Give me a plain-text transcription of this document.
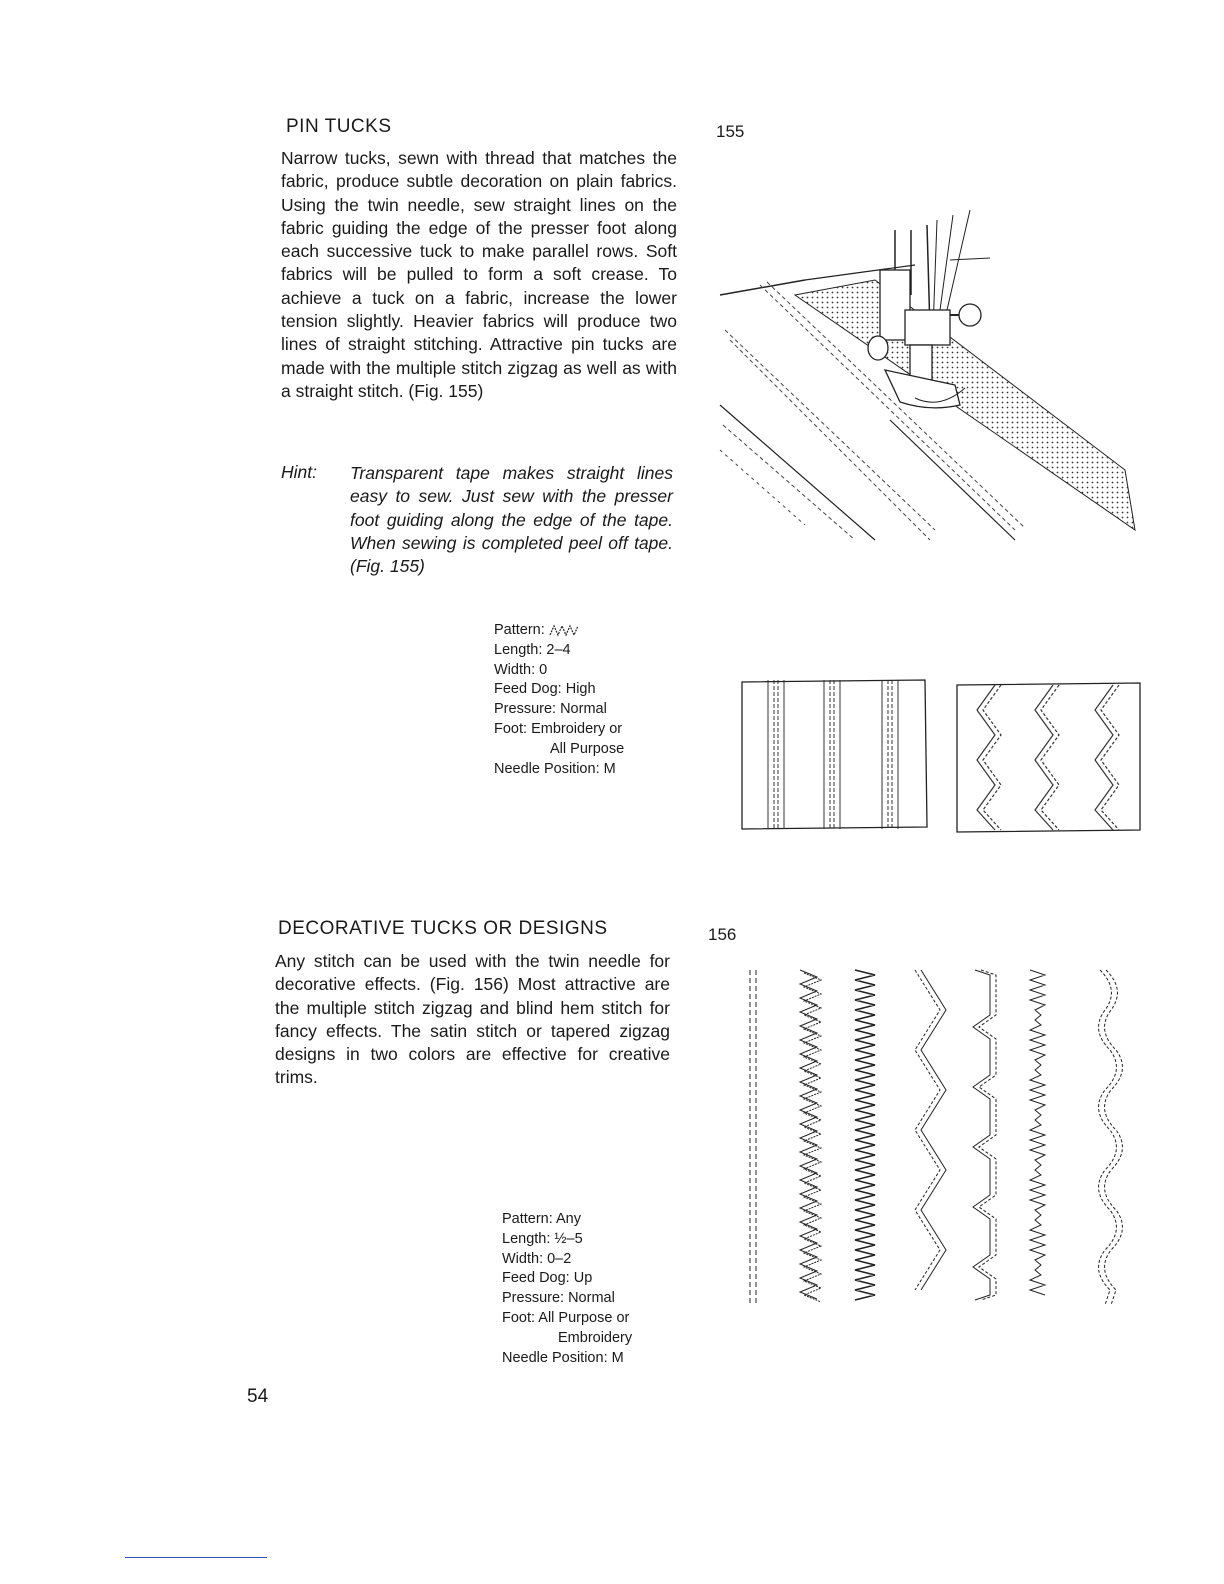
PIN TUCKS	155
Narrow tucks, sewn with thread that matches the fabric, produce subtle decoration on plain fabrics. Using the twin needle, sew straight lines on the fabric guiding the edge of the presser foot along each successive tuck to make parallel rows. Soft fabrics will be pulled to form a soft crease. To achieve a tuck on a fabric, increase the lower tension slightly. Heavier fabrics will produce two lines of straight stitching. Attractive pin tucks are made with the multiple stitch zigzag as well as with a straight stitch. (Fig. 155)
Hint: Transparent tape makes straight lines easy to sew. Just sew with the presser foot guiding along the edge of the tape. When sewing is completed peel off tape. (Fig. 155)
Pattern:
Length: 2–4
Width: 0
Feed Dog: High
Pressure: Normal
Foot: Embroidery or
All Purpose
Needle Position: M
DECORATIVE TUCKS OR DESIGNS	156
Any stitch can be used with the twin needle for decorative effects. (Fig. 156) Most attractive are the multiple stitch zigzag and blind hem stitch for fancy effects. The satin stitch or tapered zigzag designs in two colors are effective for creative trims.
Pattern: Any
Length: ½–5
Width: 0–2
Feed Dog: Up
Pressure: Normal
Foot: All Purpose or
Embroidery
Needle Position: M
54
